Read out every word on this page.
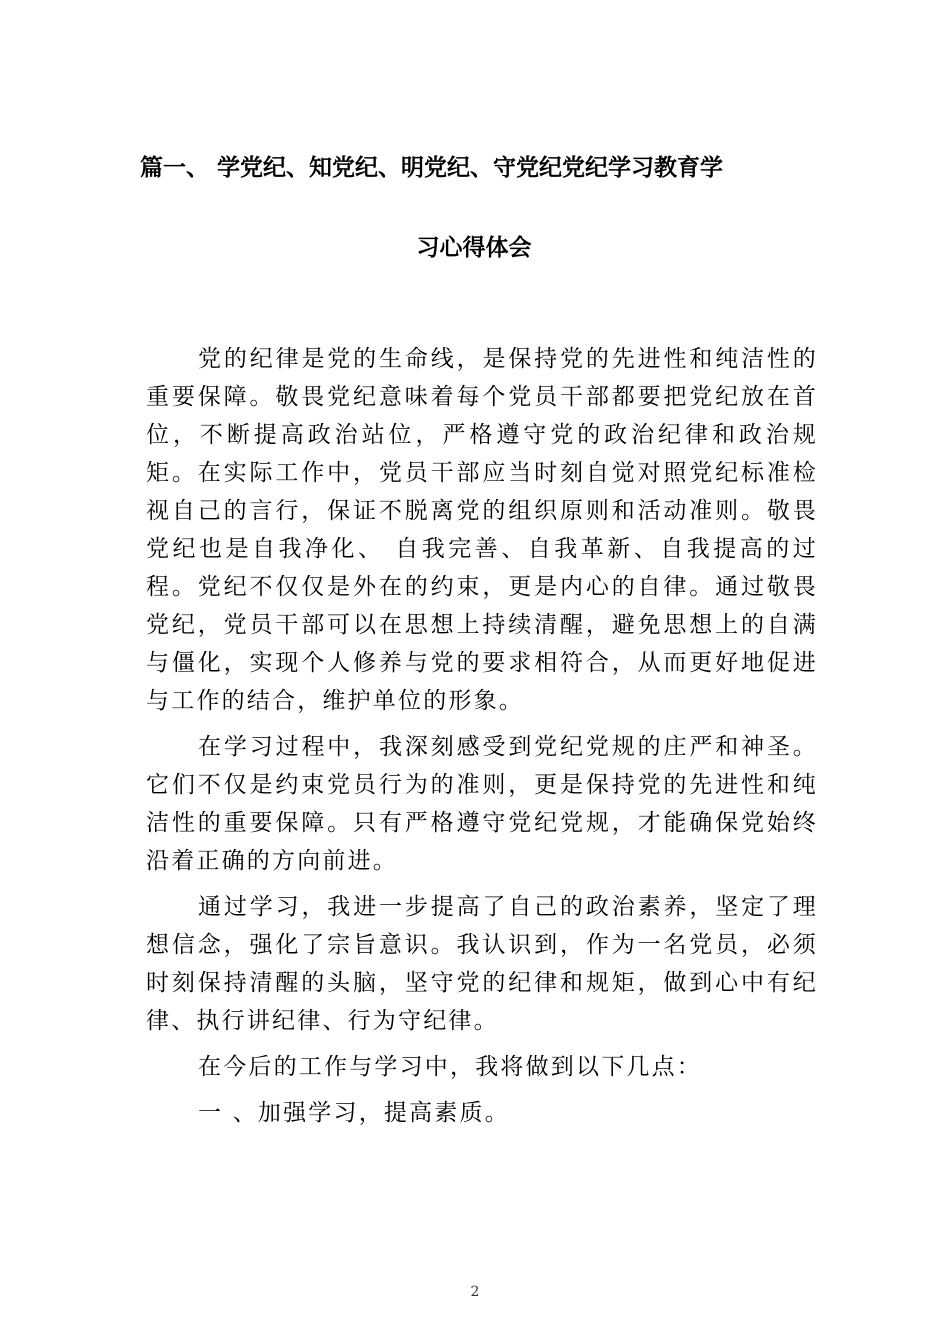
篇一、 学党纪、知党纪、明党纪、守党纪党纪学习教育学
习心得体会

党的纪律是党的生命线，是保持党的先进性和纯洁性的重要保障。敬畏党纪意味着每个党员干部都要把党纪放在首位，不断提高政治站位，严格遵守党的政治纪律和政治规矩。在实际工作中，党员干部应当时刻自觉对照党纪标准检视自己的言行，保证不脱离党的组织原则和活动准则。敬畏党纪也是自我净化、 自我完善、自我革新、自我提高的过程。党纪不仅仅是外在的约束，更是内心的自律。通过敬畏党纪，党员干部可以在思想上持续清醒，避免思想上的自满与僵化，实现个人修养与党的要求相符合，从而更好地促进与工作的结合，维护单位的形象。

在学习过程中，我深刻感受到党纪党规的庄严和神圣。它们不仅是约束党员行为的准则，更是保持党的先进性和纯洁性的重要保障。只有严格遵守党纪党规，才能确保党始终沿着正确的方向前进。

通过学习，我进一步提高了自己的政治素养，坚定了理想信念，强化了宗旨意识。我认识到，作为一名党员，必须时刻保持清醒的头脑，坚守党的纪律和规矩，做到心中有纪律、执行讲纪律、行为守纪律。

在今后的工作与学习中，我将做到以下几点：

一 、加强学习，提高素质。

2
